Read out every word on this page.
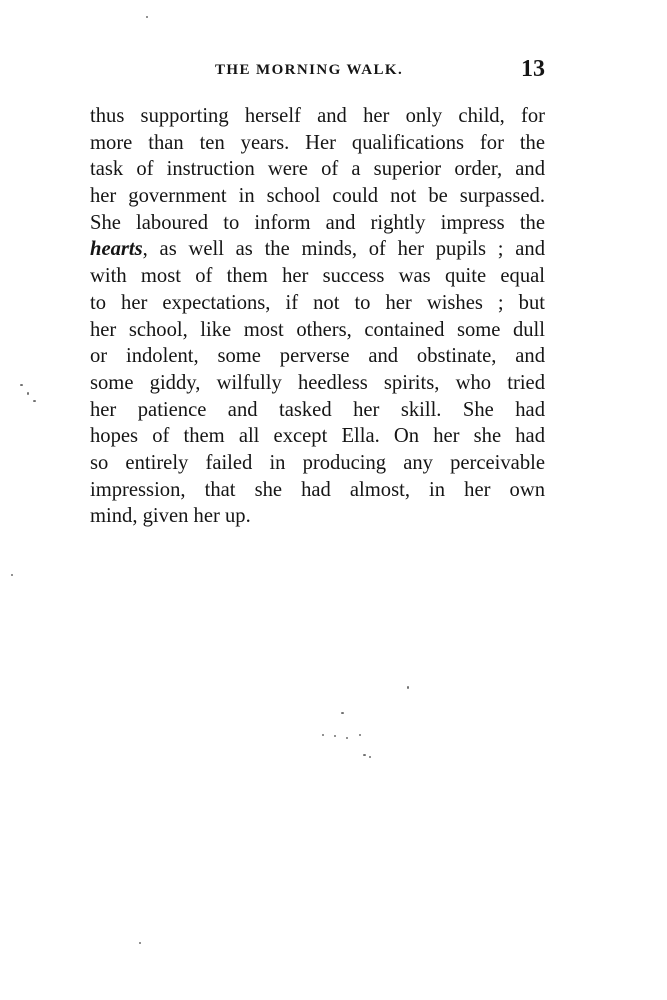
THE MORNING WALK.	13
thus supporting herself and her only child, for
more than ten years. Her qualifications for the
task of instruction were of a superior order, and
her government in school could not be surpassed.
She laboured to inform and rightly impress the
hearts, as well as the minds, of her pupils ; and
with most of them her success was quite equal
to her expectations, if not to her wishes ; but
her school, like most others, contained some dull
or indolent, some perverse and obstinate, and
some giddy, wilfully heedless spirits, who tried
her patience and tasked her skill. She had
hopes of them all except Ella. On her she had
so entirely failed in producing any perceivable
impression, that she had almost, in her own
mind, given her up.
